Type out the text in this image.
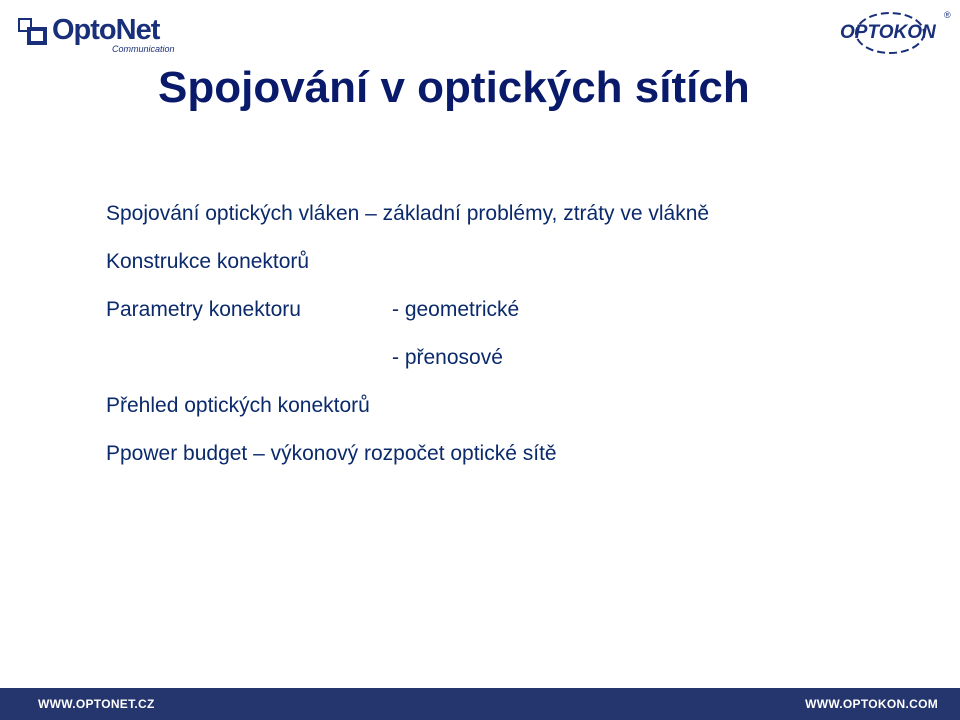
OptoNet
Communication
OPTOKON
®
Spojování v optických sítích
Spojování optických vláken – základní problémy, ztráty ve vlákně
Konstrukce konektorů
Parametry konektoru	- geometrické
- přenosové
Přehled optických konektorů
Ppower budget – výkonový rozpočet optické sítě
WWW.OPTONET.CZ	WWW.OPTOKON.COM
